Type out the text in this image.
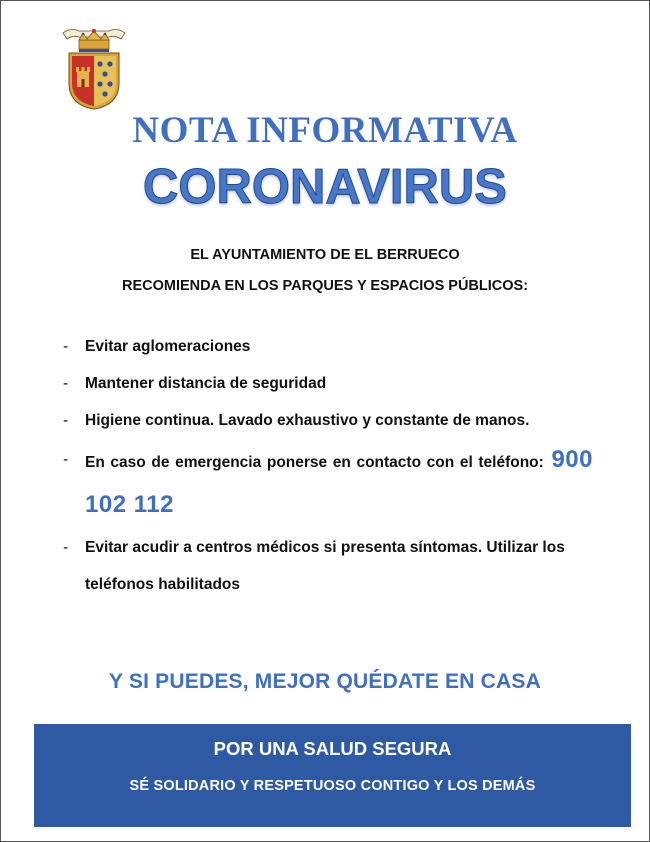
NOTA INFORMATIVA
CORONAVIRUS
EL AYUNTAMIENTO DE EL BERRUECO
RECOMIENDA EN LOS PARQUES Y ESPACIOS PÚBLICOS:
- Evitar aglomeraciones
- Mantener distancia de seguridad
- Higiene continua. Lavado exhaustivo y constante de manos.
- En caso de emergencia ponerse en contacto con el teléfono: 900 102 112
- Evitar acudir a centros médicos si presenta síntomas. Utilizar los teléfonos habilitados
Y SI PUEDES, MEJOR QUÉDATE EN CASA
POR UNA SALUD SEGURA
SÉ SOLIDARIO Y RESPETUOSO CONTIGO Y LOS DEMÁS
